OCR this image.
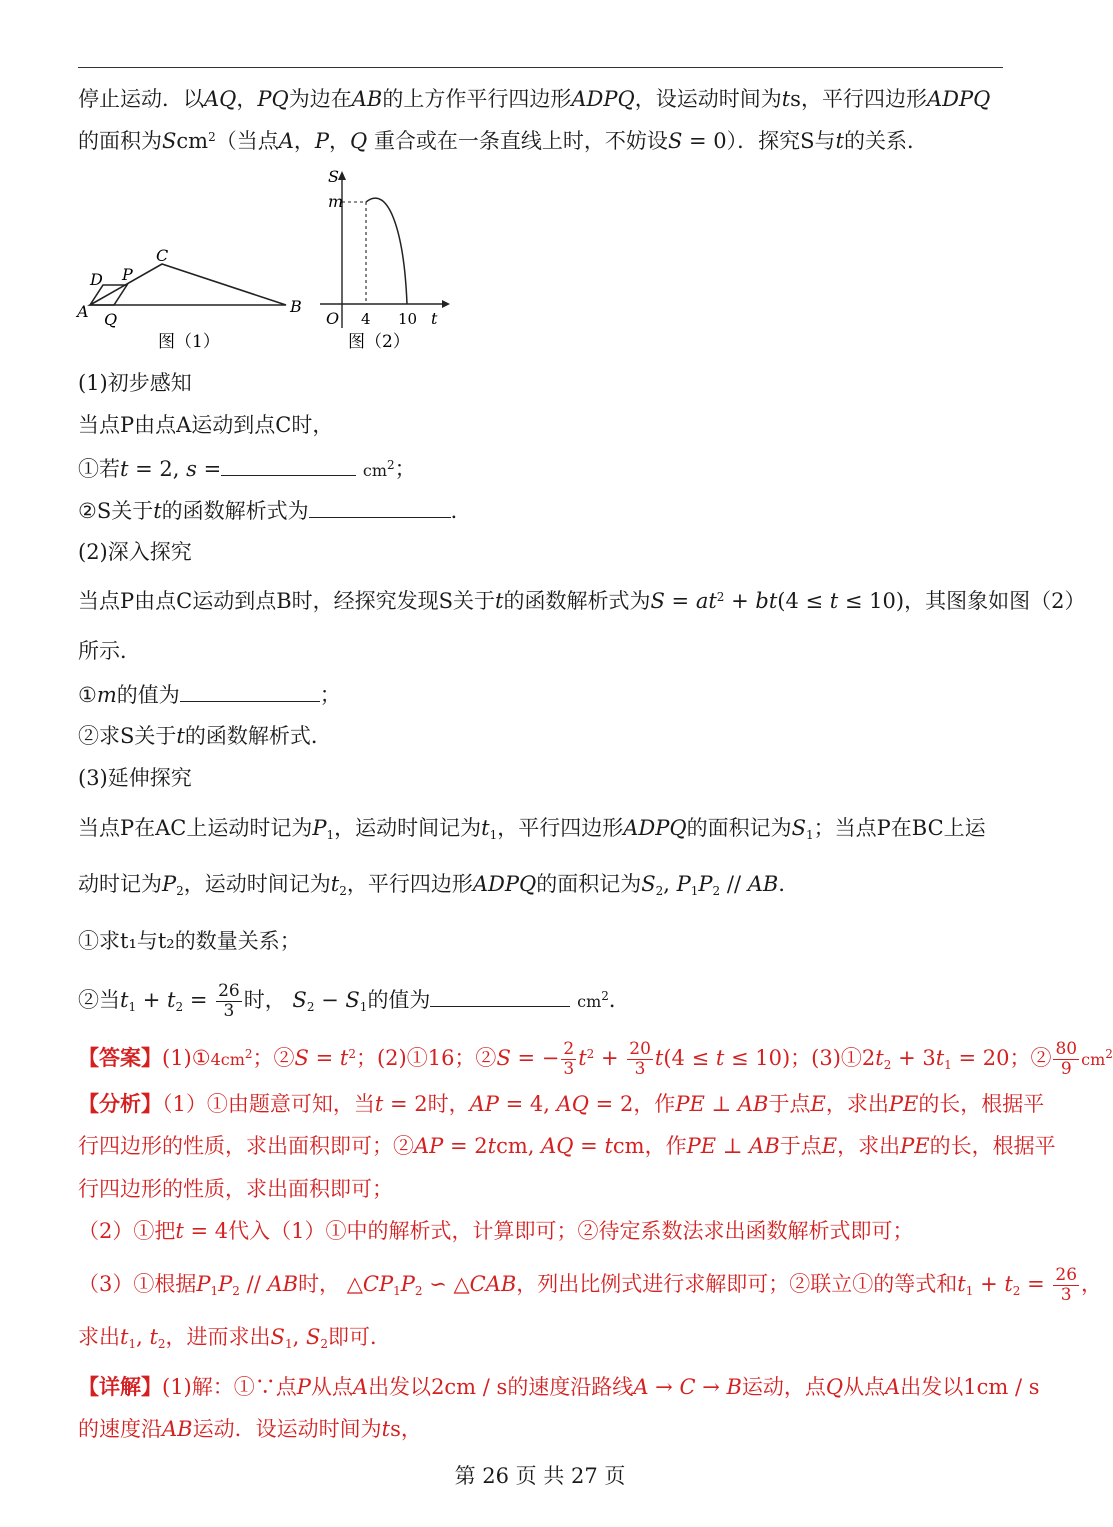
停止运动．以AQ，PQ为边在AB的上方作平行四边形ADPQ，设运动时间为ts，平行四边形ADPQ
的面积为Scm$^2$（当点A，P，Q 重合或在一条直线上时，不妨设S = 0）．探究S与t的关系．
D P
C
A Q
B
图（1）
S
m
O 4 10 t
图（2）
(1)初步感知
当点P由点A运动到点C时，
①若t = 2, s =	$cm^2$；
②S关于t的函数解析式为	．
(2)深入探究
当点P由点C运动到点B时，经探究发现S关于t的函数解析式为$S = at^2 + bt(4 \le t \le 10)$，其图象如图（2）
所示．
①m的值为	；
②求S关于t的函数解析式．
(3)延伸探究
当点P在AC上运动时记为$P_1$，运动时间记为$t_1$，平行四边形ADPQ的面积记为$S_1$；当点P在BC上运
动时记为$P_2$，运动时间记为$t_2$，平行四边形ADPQ的面积记为$S_2$, $P_1P_2$ // AB．
①求t₁与t₂的数量关系；
②当$t_1 + t_2 = \frac{26}{3}$ 时， $S_2 - S_1$的值为	$cm^2$．
【答案】$(1)①4cm^2$；②S = $t^2$；(2)①16；②S = − $\frac{2}{3} t^2 + \frac{20}{3} t(4 \le t \le 10)$；$(3)①2t_2 + 3t_1 = 20$；② $\frac{80}{9} cm^2$
【分析】（1）①由题意可知，当t = 2时，AP = 4, AQ = 2，作PE ⊥ AB于点E，求出PE的长，根据平
行四边形的性质，求出面积即可；②AP = 2tcm, AQ = tcm，作PE ⊥ AB于点E，求出PE的长，根据平
行四边形的性质，求出面积即可；
（2）①把t = 4代入（1）①中的解析式，计算即可；②待定系数法求出函数解析式即可；
（3）①根据$P_1P_2$ // AB时， $\triangle CP_1P_2$ ∽ △CAB，列出比例式进行求解即可；②联立①的等式和$t_1 + t_2 = \frac{26}{3}$ ，
求出$t_1$, $t_2$，进而求出$S_1$, $S_2$即可．
【详解】(1)解：①∵点P从点A出发以2cm / s的速度沿路线A → C → B运动，点Q从点A出发以1cm / s
的速度沿AB运动．设运动时间为ts，
第 26 页 共 27 页
